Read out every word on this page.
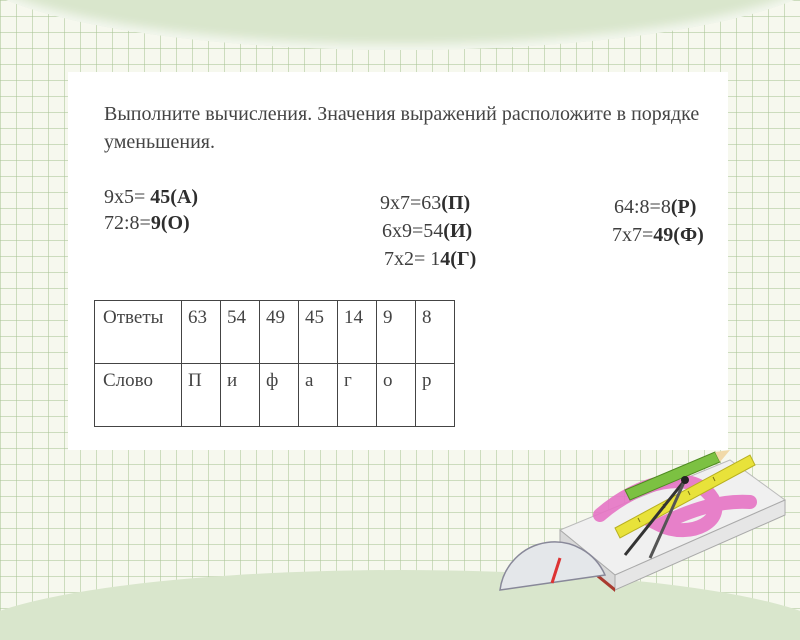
Выполните вычисления. Значения выражений расположите в порядке уменьшения.
9x5= 45(А)
72:8=9(О)
9x7=63(П)
6x9=54(И)
7x2= 14(Г)
64:8=8(Р)
7x7=49(Ф)
Ответы	63	54	49	45	14	9	8
Слово	П	и	ф	а	г	о	р
